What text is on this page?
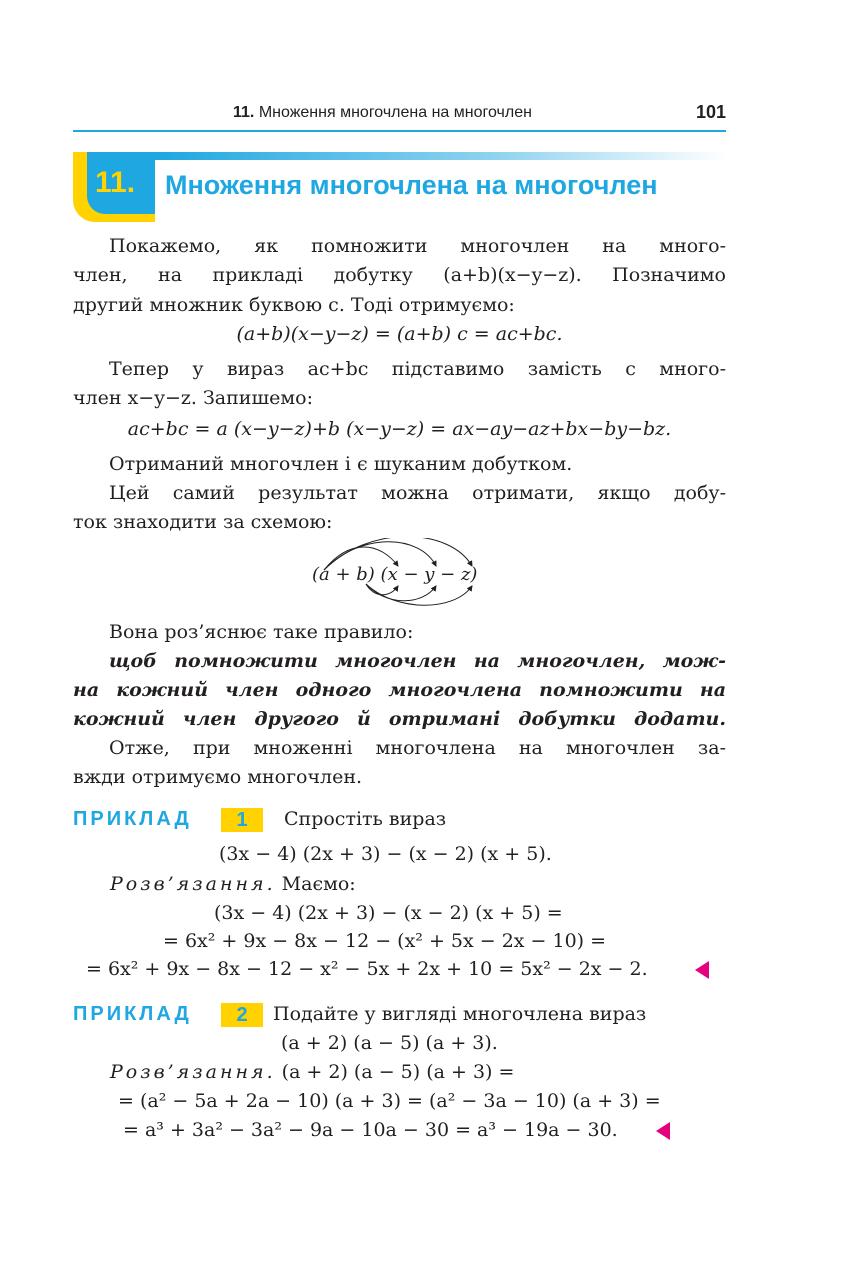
11. Множення многочлена на многочлен	101
11. Множення многочлена на многочлен
Покажемо, як помножити многочлен на много-
член, на прикладі добутку (a+b)(x−y−z). Позначимо
другий множник буквою c. Тоді отримуємо:
(a+b)(x−y−z) = (a+b) c = ac+bc.
Тепер у вираз ac+bc підставимо замість c много-
член x−y−z. Запишемо:
ac+bc = a (x−y−z)+b (x−y−z) = ax−ay−az+bx−by−bz.
Отриманий многочлен і є шуканим добутком.
Цей самий результат можна отримати, якщо добу-
ток знаходити за схемою:
(a + b) (x − y − z)
Вона роз’яснює таке правило:
щоб помножити многочлен на многочлен, мож-
на кожний член одного многочлена помножити на
кожний член другого й отримані добутки додати.
Отже, при множенні многочлена на многочлен за-
вжди отримуємо многочлен.
ПРИКЛАД	1	Спростіть вираз
(3x − 4) (2x + 3) − (x − 2) (x + 5).
Розв’язання. Маємо:
(3x − 4) (2x + 3) − (x − 2) (x + 5) =
= 6x² + 9x − 8x − 12 − (x² + 5x − 2x − 10) =
= 6x² + 9x − 8x − 12 − x² − 5x + 2x + 10 = 5x² − 2x − 2.
ПРИКЛАД	2	Подайте у вигляді многочлена вираз
(a + 2) (a − 5) (a + 3).
Розв’язання. (a + 2) (a − 5) (a + 3) =
= (a² − 5a + 2a − 10) (a + 3) = (a² − 3a − 10) (a + 3) =
= a³ + 3a² − 3a² − 9a − 10a − 30 = a³ − 19a − 30.
